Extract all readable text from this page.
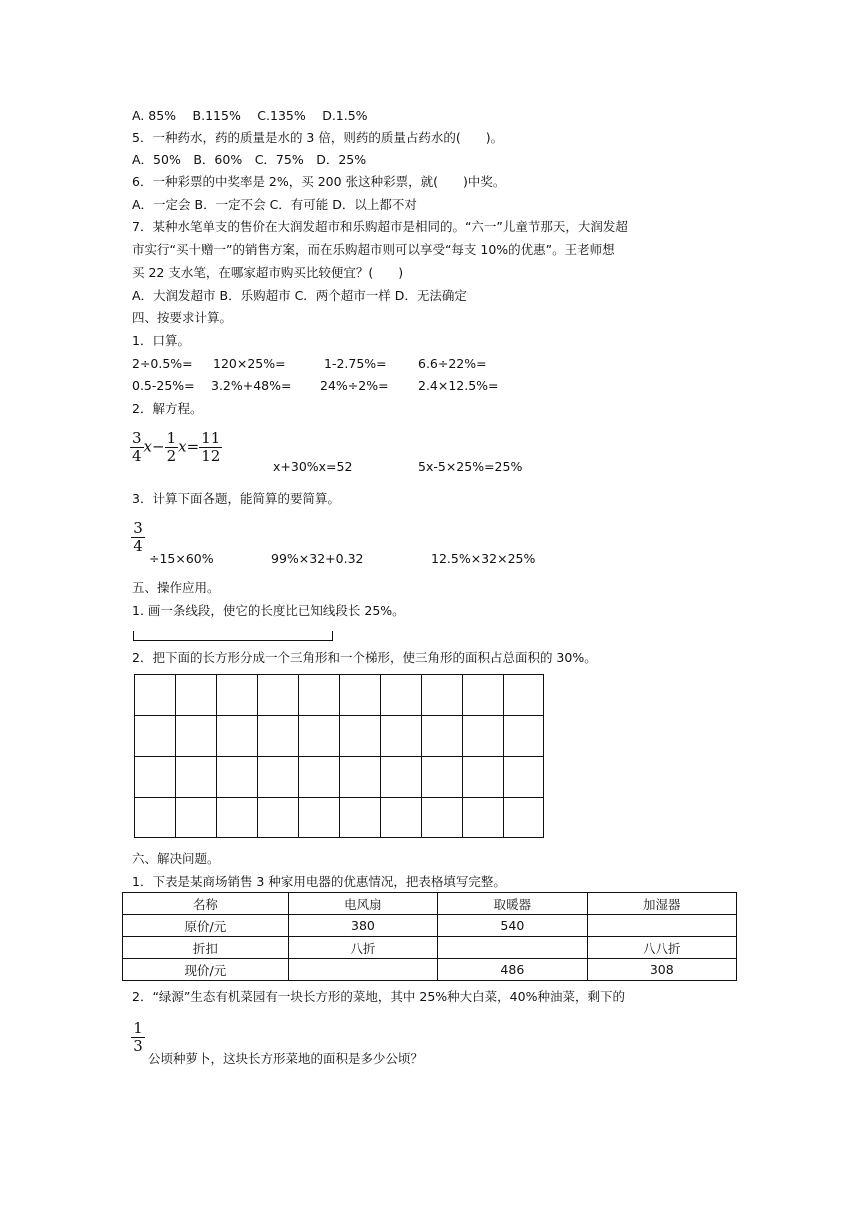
A. 85%　 B.115%　 C.135%　 D.1.5%
5．一种药水，药的质量是水的 3 倍，则药的质量占药水的(　　)。
A．50%　B．60%　C．75%　D．25%
6．一种彩票的中奖率是 2%，买 200 张这种彩票，就(　　)中奖。
A．一定会 B．一定不会 C．有可能 D．以上都不对
7．某种水笔单支的售价在大润发超市和乐购超市是相同的。“六一”儿童节那天，大润发超
市实行“买十赠一”的销售方案，而在乐购超市则可以享受“每支 10%的优惠”。王老师想
买 22 支水笔，在哪家超市购买比较便宜？(　　)
A．大润发超市 B．乐购超市 C．两个超市一样 D．无法确定
四、按要求计算。
1．口算。
2÷0.5%= 120×25%=	1-2.75%=	6.6÷22%=
0.5-25%= 3.2%+48%= 24%÷2%= 2.4×12.5%=
2．解方程。
$\frac{3}{4} x- \frac{1}{2} x= \frac{11}{12}$
x+30%x=52	5x-5×25%=25%
3．计算下面各题，能简算的要简算。
3
4
÷15×60%	99%×32+0.32	12.5%×32×25%
五、操作应用。
1. 画一条线段，使它的长度比已知线段长 25%。
2．把下面的长方形分成一个三角形和一个梯形，使三角形的面积占总面积的 30%。
六、解决问题。
1．下表是某商场销售 3 种家用电器的优惠情况，把表格填写完整。
名称	电风扇	取暖器	加湿器
原价/元	380	540	
折扣	八折		八八折
现价/元		486	308
2．“绿源”生态有机菜园有一块长方形的菜地，其中 25%种大白菜，40%种油菜，剩下的
1
3
公顷种萝卜，这块长方形菜地的面积是多少公顷？
